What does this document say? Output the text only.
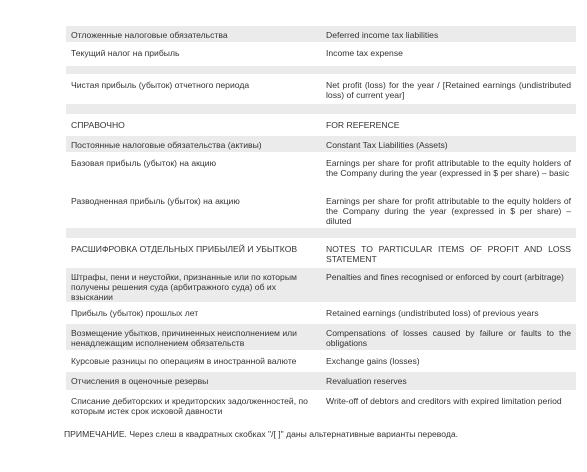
Отложенные налоговые обязательства	Deferred income tax liabilities
Текущий налог на прибыль	Income tax expense

Чистая прибыль (убыток) отчетного периода	Net profit (loss) for the year / [Retained earnings (undistributed loss) of current year]

СПРАВОЧНО	FOR REFERENCE
Постоянные налоговые обязательства (активы)	Constant Tax Liabilities (Assets)
Базовая прибыль (убыток) на акцию	Earnings per share for profit attributable to the equity holders of the Company during the year (expressed in $ per share) – basic
Разводненная прибыль (убыток) на акцию	Earnings per share for profit attributable to the equity holders of the Company during the year (expressed in $ per share) – diluted

РАСШИФРОВКА ОТДЕЛЬНЫХ ПРИБЫЛЕЙ И УБЫТКОВ	NOTES TO PARTICULAR ITEMS OF PROFIT AND LOSS STATEMENT
Штрафы, пени и неустойки, признанные или по которым получены решения суда (арбитражного суда) об их взыскании	Penalties and fines recognised or enforced by court (arbitrage)
Прибыль (убыток) прошлых лет	Retained earnings (undistributed loss) of previous years
Возмещение убытков, причиненных неисполнением или ненадлежащим исполнением обязательств	Compensations of losses caused by failure or faults to the obligations
Курсовые разницы по операциям в иностранной валюте	Exchange gains (losses)
Отчисления в оценочные резервы	Revaluation reserves
Списание дебиторских и кредиторских задолженностей, по которым истек срок исковой давности	Write-off of debtors and creditors with expired limitation period
ПРИМЕЧАНИЕ. Через слеш в квадратных скобках "/[ ]" даны альтернативные варианты перевода.
